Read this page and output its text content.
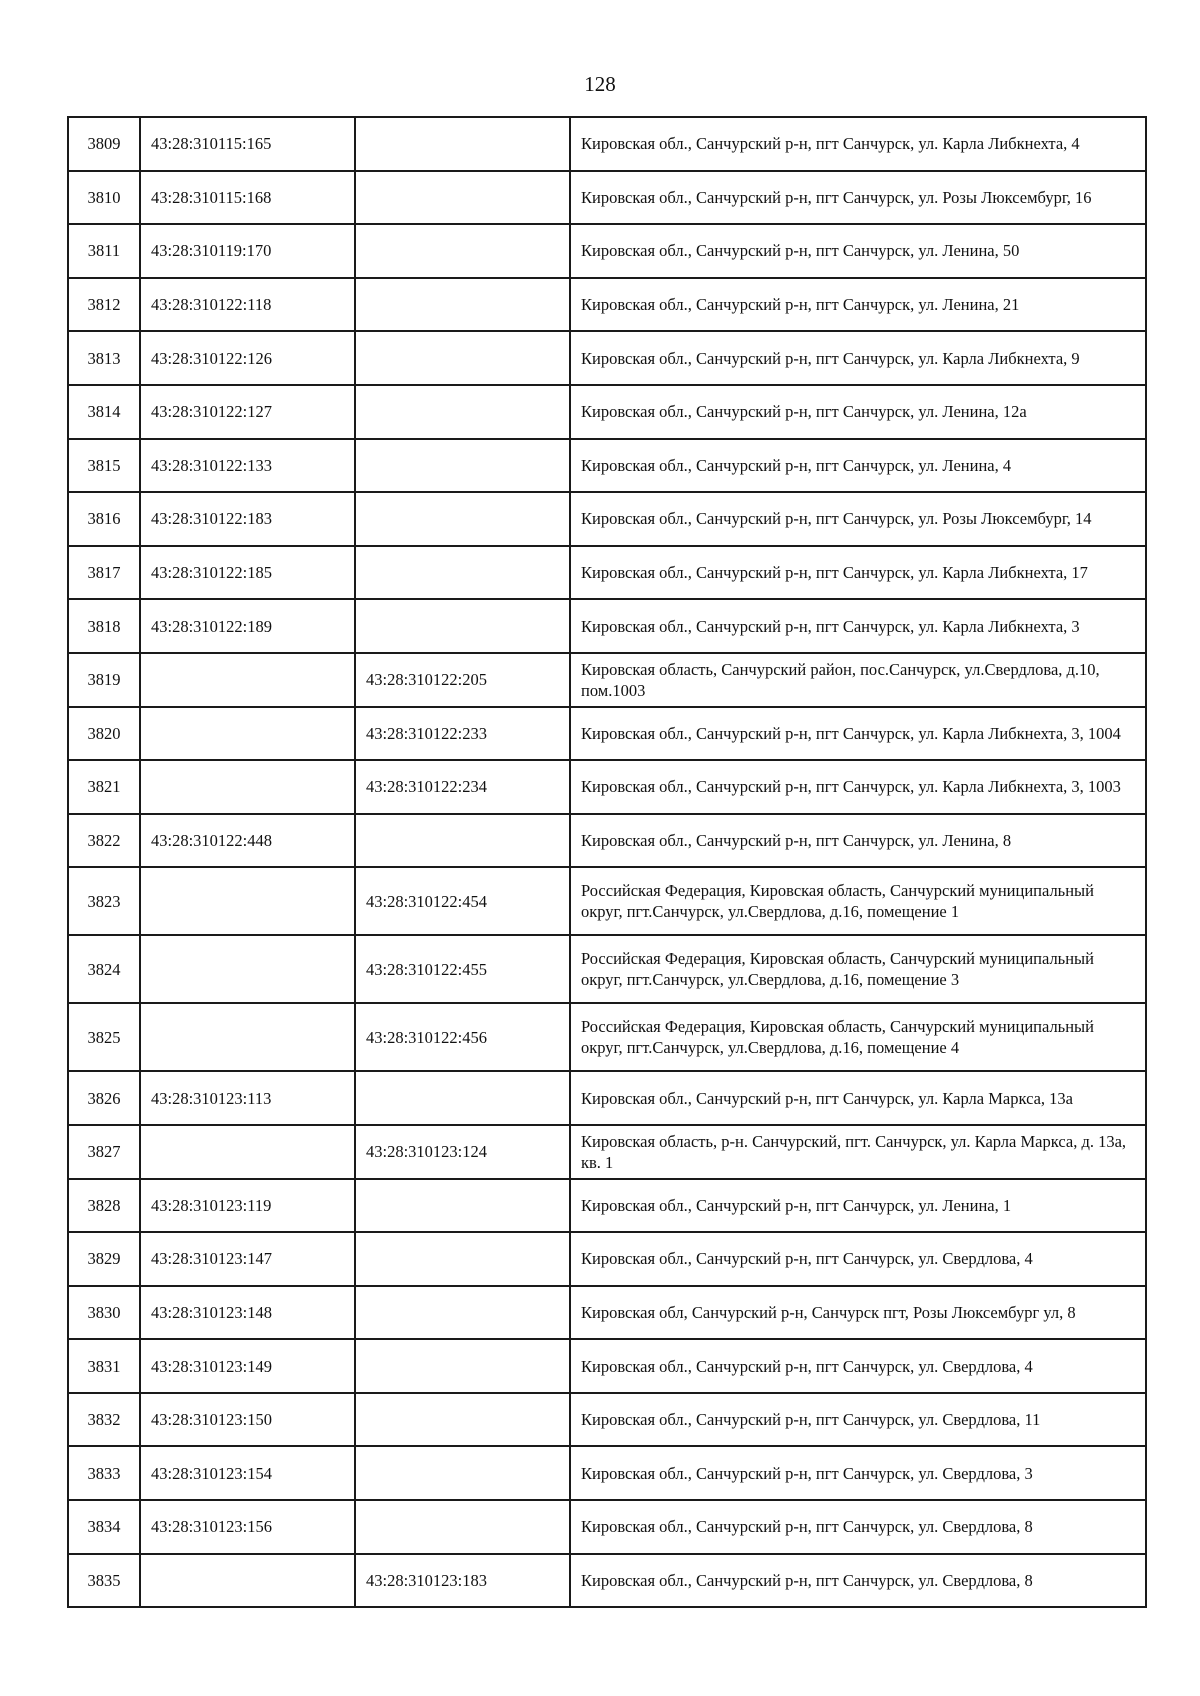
128
3809	43:28:310115:165		Кировская обл., Санчурский р-н, пгт Санчурск, ул. Карла Либкнехта, 4
3810	43:28:310115:168		Кировская обл., Санчурский р-н, пгт Санчурск, ул. Розы Люксембург, 16
3811	43:28:310119:170		Кировская обл., Санчурский р-н, пгт Санчурск, ул. Ленина, 50
3812	43:28:310122:118		Кировская обл., Санчурский р-н, пгт Санчурск, ул. Ленина, 21
3813	43:28:310122:126		Кировская обл., Санчурский р-н, пгт Санчурск, ул. Карла Либкнехта, 9
3814	43:28:310122:127		Кировская обл., Санчурский р-н, пгт Санчурск, ул. Ленина, 12а
3815	43:28:310122:133		Кировская обл., Санчурский р-н, пгт Санчурск, ул. Ленина, 4
3816	43:28:310122:183		Кировская обл., Санчурский р-н, пгт Санчурск, ул. Розы Люксембург, 14
3817	43:28:310122:185		Кировская обл., Санчурский р-н, пгт Санчурск, ул. Карла Либкнехта, 17
3818	43:28:310122:189		Кировская обл., Санчурский р-н, пгт Санчурск, ул. Карла Либкнехта, 3
3819		43:28:310122:205	Кировская область, Санчурский район, пос.Санчурск, ул.Свердлова, д.10, пом.1003
3820		43:28:310122:233	Кировская обл., Санчурский р-н, пгт Санчурск, ул. Карла Либкнехта, 3, 1004
3821		43:28:310122:234	Кировская обл., Санчурский р-н, пгт Санчурск, ул. Карла Либкнехта, 3, 1003
3822	43:28:310122:448		Кировская обл., Санчурский р-н, пгт Санчурск, ул. Ленина, 8
3823		43:28:310122:454	Российская Федерация, Кировская область, Санчурский муниципальный округ, пгт.Санчурск, ул.Свердлова, д.16, помещение 1
3824		43:28:310122:455	Российская Федерация, Кировская область, Санчурский муниципальный округ, пгт.Санчурск, ул.Свердлова, д.16, помещение 3
3825		43:28:310122:456	Российская Федерация, Кировская область, Санчурский муниципальный округ, пгт.Санчурск, ул.Свердлова, д.16, помещение 4
3826	43:28:310123:113		Кировская обл., Санчурский р-н, пгт Санчурск, ул. Карла Маркса, 13а
3827		43:28:310123:124	Кировская область, р-н. Санчурский, пгт. Санчурск, ул. Карла Маркса, д. 13а, кв. 1
3828	43:28:310123:119		Кировская обл., Санчурский р-н, пгт Санчурск, ул. Ленина, 1
3829	43:28:310123:147		Кировская обл., Санчурский р-н, пгт Санчурск, ул. Свердлова, 4
3830	43:28:310123:148		Кировская обл, Санчурский р-н, Санчурск пгт, Розы Люксембург ул, 8
3831	43:28:310123:149		Кировская обл., Санчурский р-н, пгт Санчурск, ул. Свердлова, 4
3832	43:28:310123:150		Кировская обл., Санчурский р-н, пгт Санчурск, ул. Свердлова, 11
3833	43:28:310123:154		Кировская обл., Санчурский р-н, пгт Санчурск, ул. Свердлова, 3
3834	43:28:310123:156		Кировская обл., Санчурский р-н, пгт Санчурск, ул. Свердлова, 8
3835		43:28:310123:183	Кировская обл., Санчурский р-н, пгт Санчурск, ул. Свердлова, 8
